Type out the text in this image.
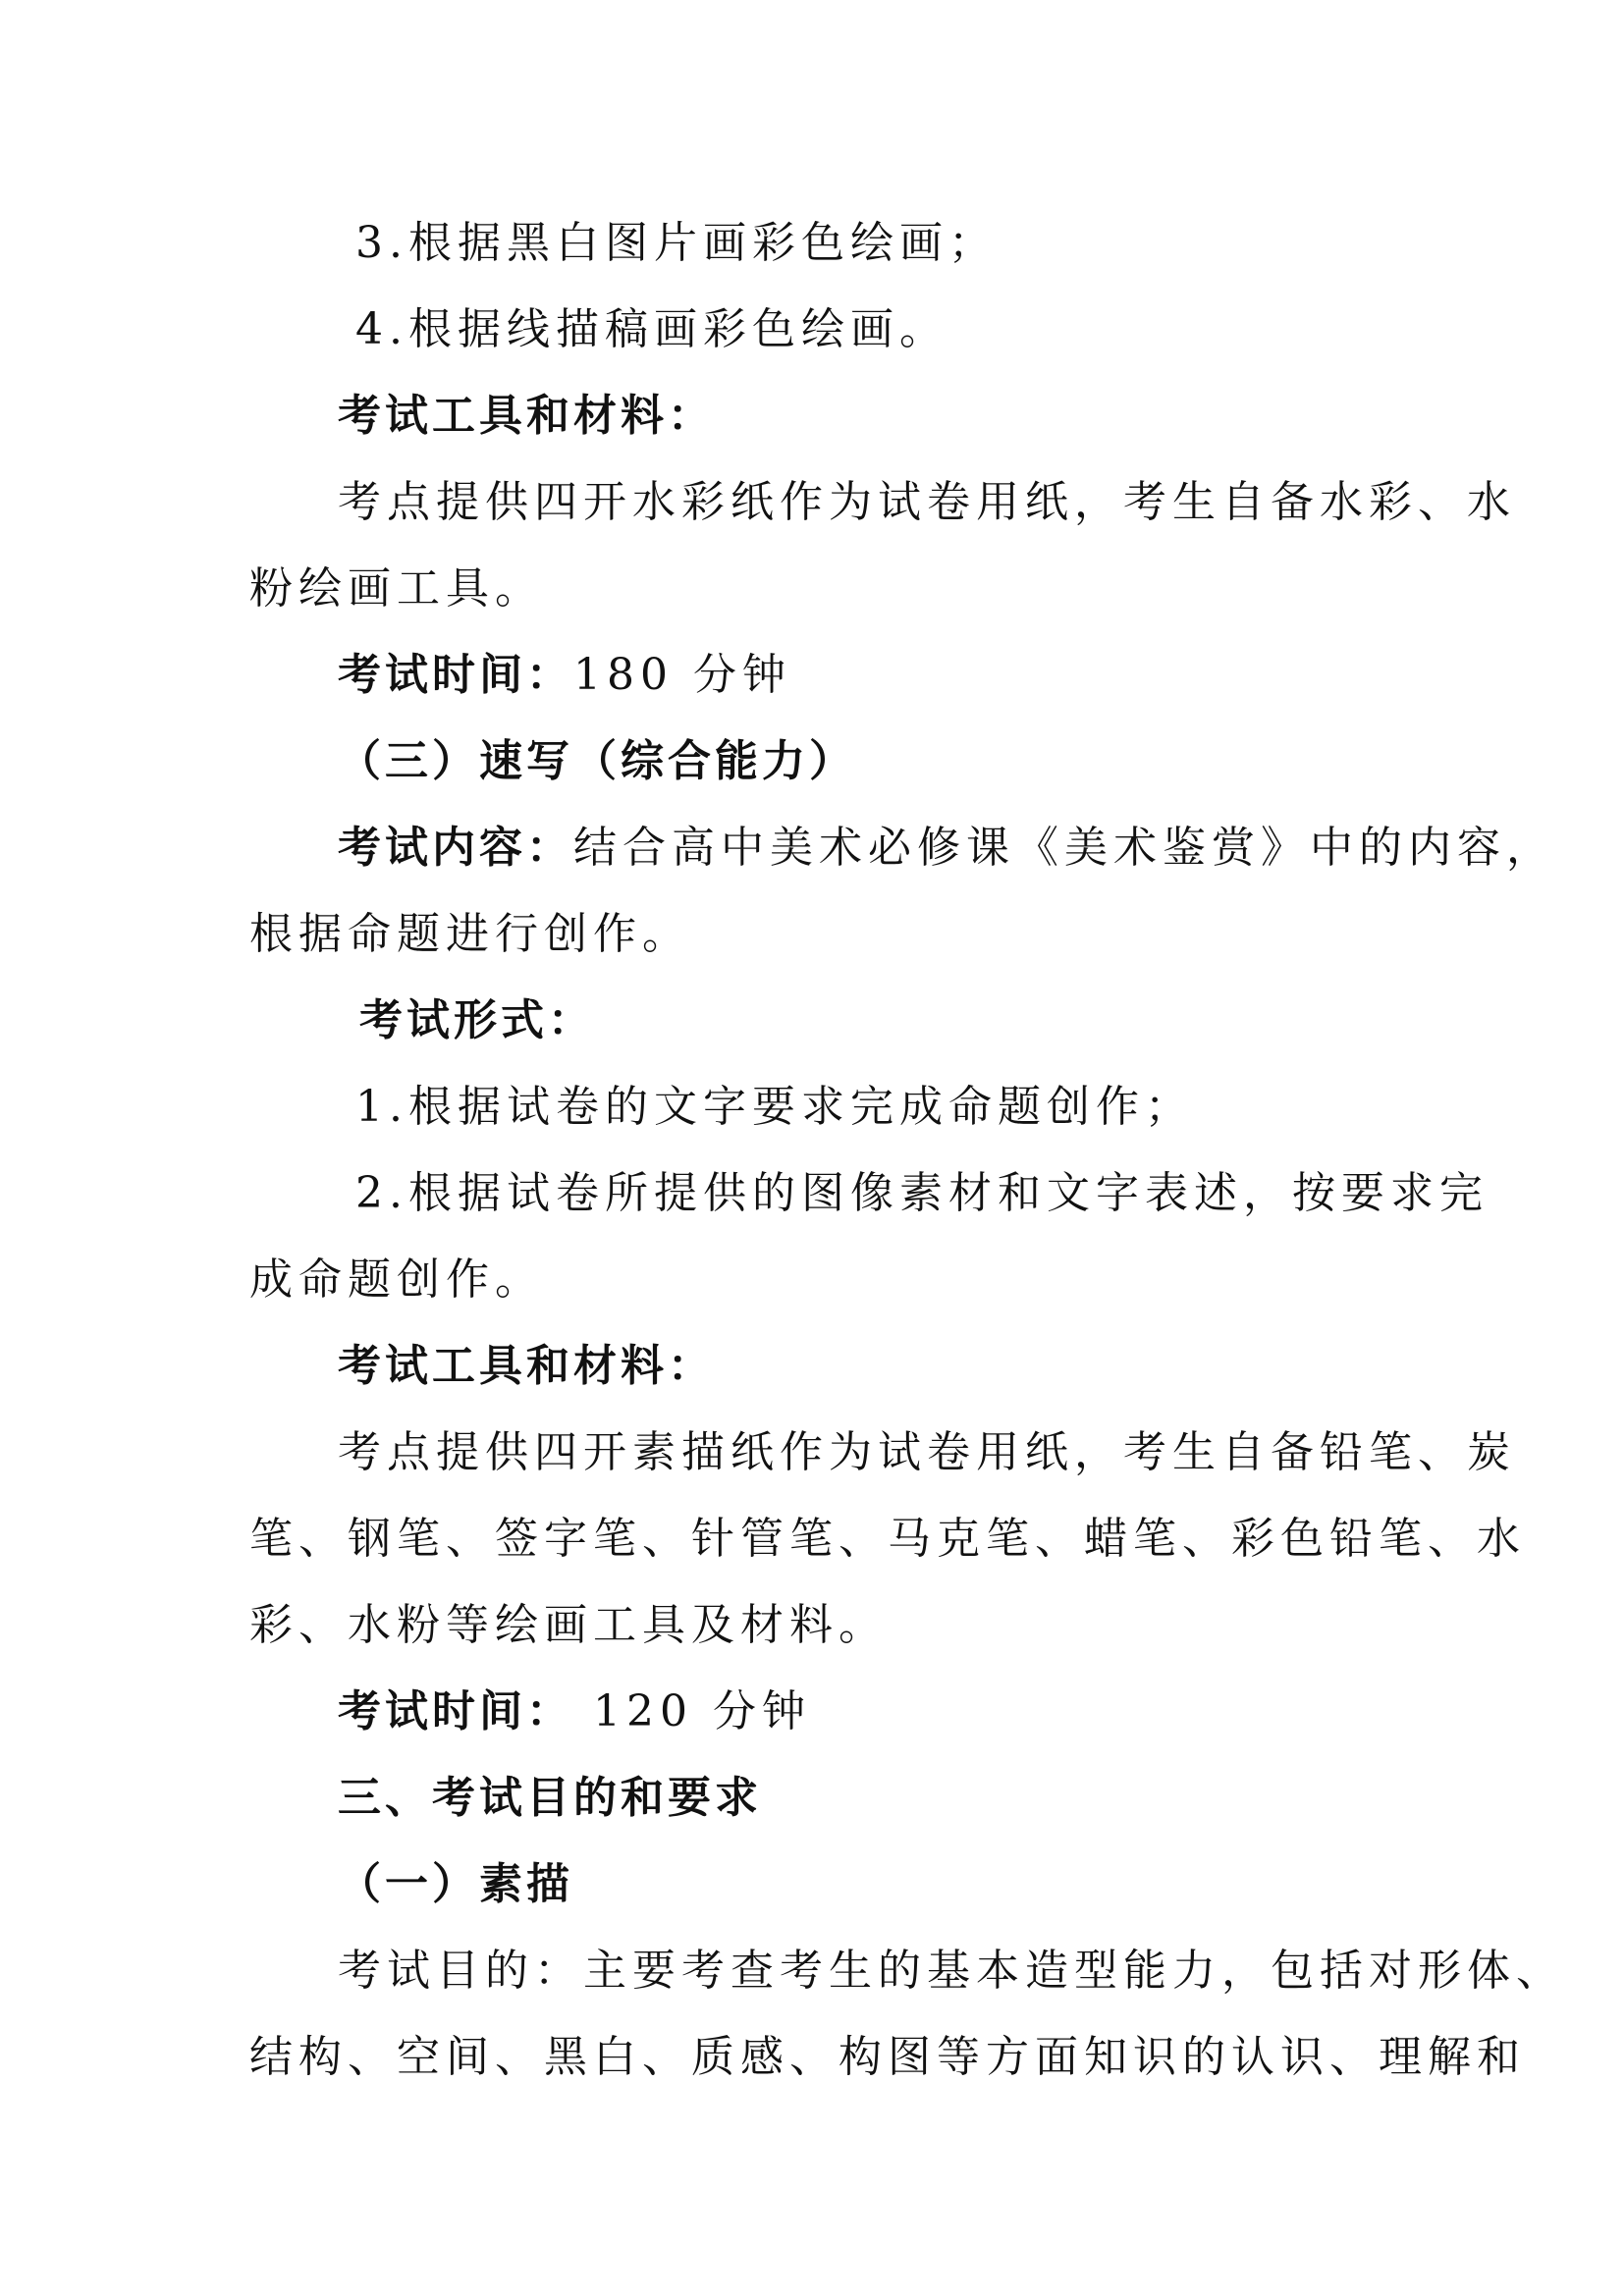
3.根据黑白图片画彩色绘画；
4.根据线描稿画彩色绘画。
考试工具和材料：
考点提供四开水彩纸作为试卷用纸，考生自备水彩、水
粉绘画工具。
考试时间：180 分钟
（三）速写（综合能力）
考试内容：结合高中美术必修课《美术鉴赏》中的内容，
根据命题进行创作。
考试形式：
1.根据试卷的文字要求完成命题创作；
2.根据试卷所提供的图像素材和文字表述，按要求完
成命题创作。
考试工具和材料：
考点提供四开素描纸作为试卷用纸，考生自备铅笔、炭
笔、钢笔、签字笔、针管笔、马克笔、蜡笔、彩色铅笔、水
彩、水粉等绘画工具及材料。
考试时间： 120 分钟
三、考试目的和要求
（一）素描
考试目的：主要考查考生的基本造型能力，包括对形体、
结构、空间、黑白、质感、构图等方面知识的认识、理解和
